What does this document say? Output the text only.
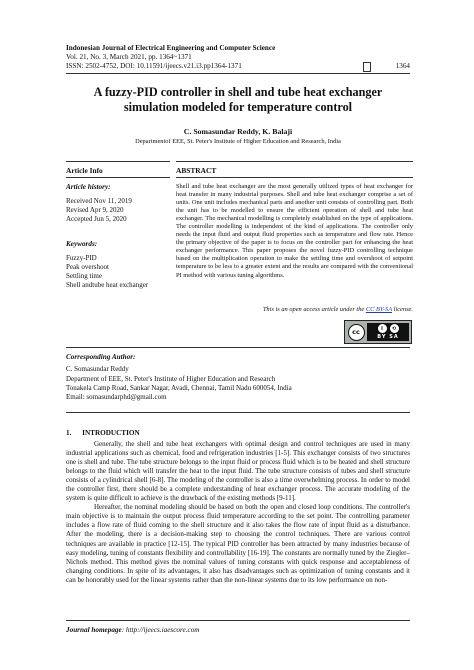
Indonesian Journal of Electrical Engineering and Computer Science
Vol. 21, No. 3, March 2021, pp. 1364~1371
ISSN: 2502-4752, DOI: 10.11591/ijeecs.v21.i3.pp1364-1371	1364
A fuzzy-PID controller in shell and tube heat exchanger
simulation modeled for temperature control
C. Somasundar Reddy, K. Balaji
Departmentof EEE, St. Peter's Institute of Higher Education and Research, India
Article Info	ABSTRACT
Article history:
Received Nov 11, 2019
Revised Apr 9, 2020
Accepted Jun 5, 2020
Keywords:
Fuzzy-PID
Peak overshoot
Settling time
Shell andtube heat exchanger
Shell and tube heat exchanger are the most generally utilized types of heat exchanger for heat transfer in many industrial purposes. Shell and tube heat exchanger comprise a set of units. One unit includes mechanical parts and another unit consists of controlling part. Both the unit has to be modelled to ensure the efficient operation of shell and tube heat exchanger. The mechanical modelling is completely established on the type of applications. The controller modelling is independent of the kind of applications. The controller only needs the input fluid and output fluid properties such as temperature and flow rate. Hence the primary objective of the paper is to focus on the controller part for enhancing the heat exchanger performance. This paper proposes the novel fuzzy-PID controlling technique based on the multiplication operation to make the settling time and overshoot of setpoint temperature to be less to a greater extent and the results are compared with the conventional PI method with various tuning algorithms.
This is an open access article under the CC BY-SA license.
cc	i	⟲
BY SA
Corresponding Author:
C. Somasundar Reddy
Department of EEE, St. Peter's Institute of Higher Education and Research
Tonakela Camp Road, Sankar Nagar, Avadi, Chennai, Tamil Nadu 600054, India
Email: somasundarphd@gmail.com
1.      INTRODUCTION

Generally, the shell and tube heat exchangers with optimal design and control techniques are used in many industrial applications such as chemical, food and refrigeration industries [1-5]. This exchanger consists of two structures one is shell and tube. The tube structure belongs to the input fluid or process fluid which is to be heated and shell structure belongs to the fluid which will transfer the heat to the input fluid. The tube structure consists of tubes and shell structure consists of a cylindrical shell [6-8]. The modeling of the controller is also a time overwhelming process. In order to model the controller first, there should be a complete understanding of heat exchanger process. The accurate modeling of the system is quite difficult to achieve is the drawback of the existing methods [9-11].

Hereafter, the nominal modeling should be based on both the open and closed loop conditions. The controller's main objective is to maintain the output process fluid temperature according to the set point. The controlling parameter includes a flow rate of fluid coming to the shell structure and it also takes the flow rate of input fluid as a disturbance. After the modeling, there is a decision-making step to choosing the control techniques. There are various control techniques are available in practice [12-15]. The typical PID controller has been attracted by many industries because of easy modeling, tuning of constants flexibility and controllability [16-19]. The constants are normally tuned by the Ziegler–Nichols method. This method gives the nominal values of tuning constants with quick response and acceptableness of changing conditions. In spite of its advantages, it also has disadvantages such as optimization of tuning constants and it can be honorably used for the linear systems rather than the non-linear systems due to its low performance on non-

Journal homepage: http://ijeecs.iaescore.com
